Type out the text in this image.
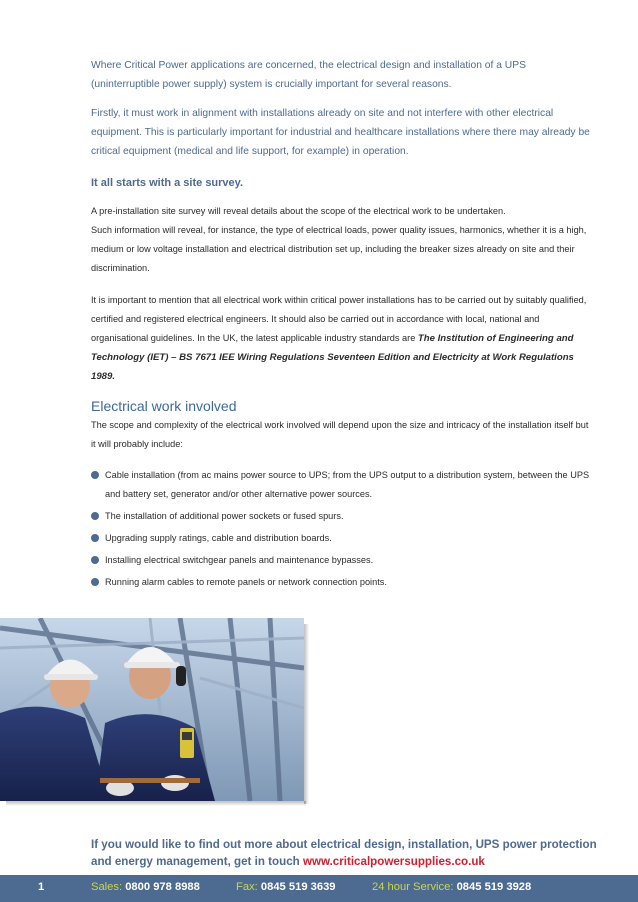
Where Critical Power applications are concerned, the electrical design and installation of a UPS (uninterruptible power supply) system is crucially important for several reasons.

Firstly, it must work in alignment with installations already on site and not interfere with other electrical equipment. This is particularly important for industrial and healthcare installations where there may already be critical equipment (medical and life support, for example) in operation.

It all starts with a site survey.

A pre-installation site survey will reveal details about the scope of the electrical work to be undertaken.
Such information will reveal, for instance, the type of electrical loads, power quality issues, harmonics, whether it is a high, medium or low voltage installation and electrical distribution set up, including the breaker sizes already on site and their discrimination.

It is important to mention that all electrical work within critical power installations has to be carried out by suitably qualified, certified and registered electrical engineers. It should also be carried out in accordance with local, national and organisational guidelines. In the UK, the latest applicable industry standards are The Institution of Engineering and Technology (IET) – BS 7671 IEE Wiring Regulations Seventeen Edition and Electricity at Work Regulations 1989.

Electrical work involved

The scope and complexity of the electrical work involved will depend upon the size and intricacy of the installation itself but it will probably include:

Cable installation (from ac mains power source to UPS; from the UPS output to a distribution system, between the UPS and battery set, generator and/or other alternative power sources.
The installation of additional power sockets or fused spurs.
Upgrading supply ratings, cable and distribution boards.
Installing electrical switchgear panels and maintenance bypasses.
Running alarm cables to remote panels or network connection points.

If you would like to find out more about electrical design, installation, UPS power protection and energy management, get in touch www.criticalpowersupplies.co.uk

1	Sales: 0800 978 8988	Fax: 0845 519 3639	24 hour Service: 0845 519 3928
